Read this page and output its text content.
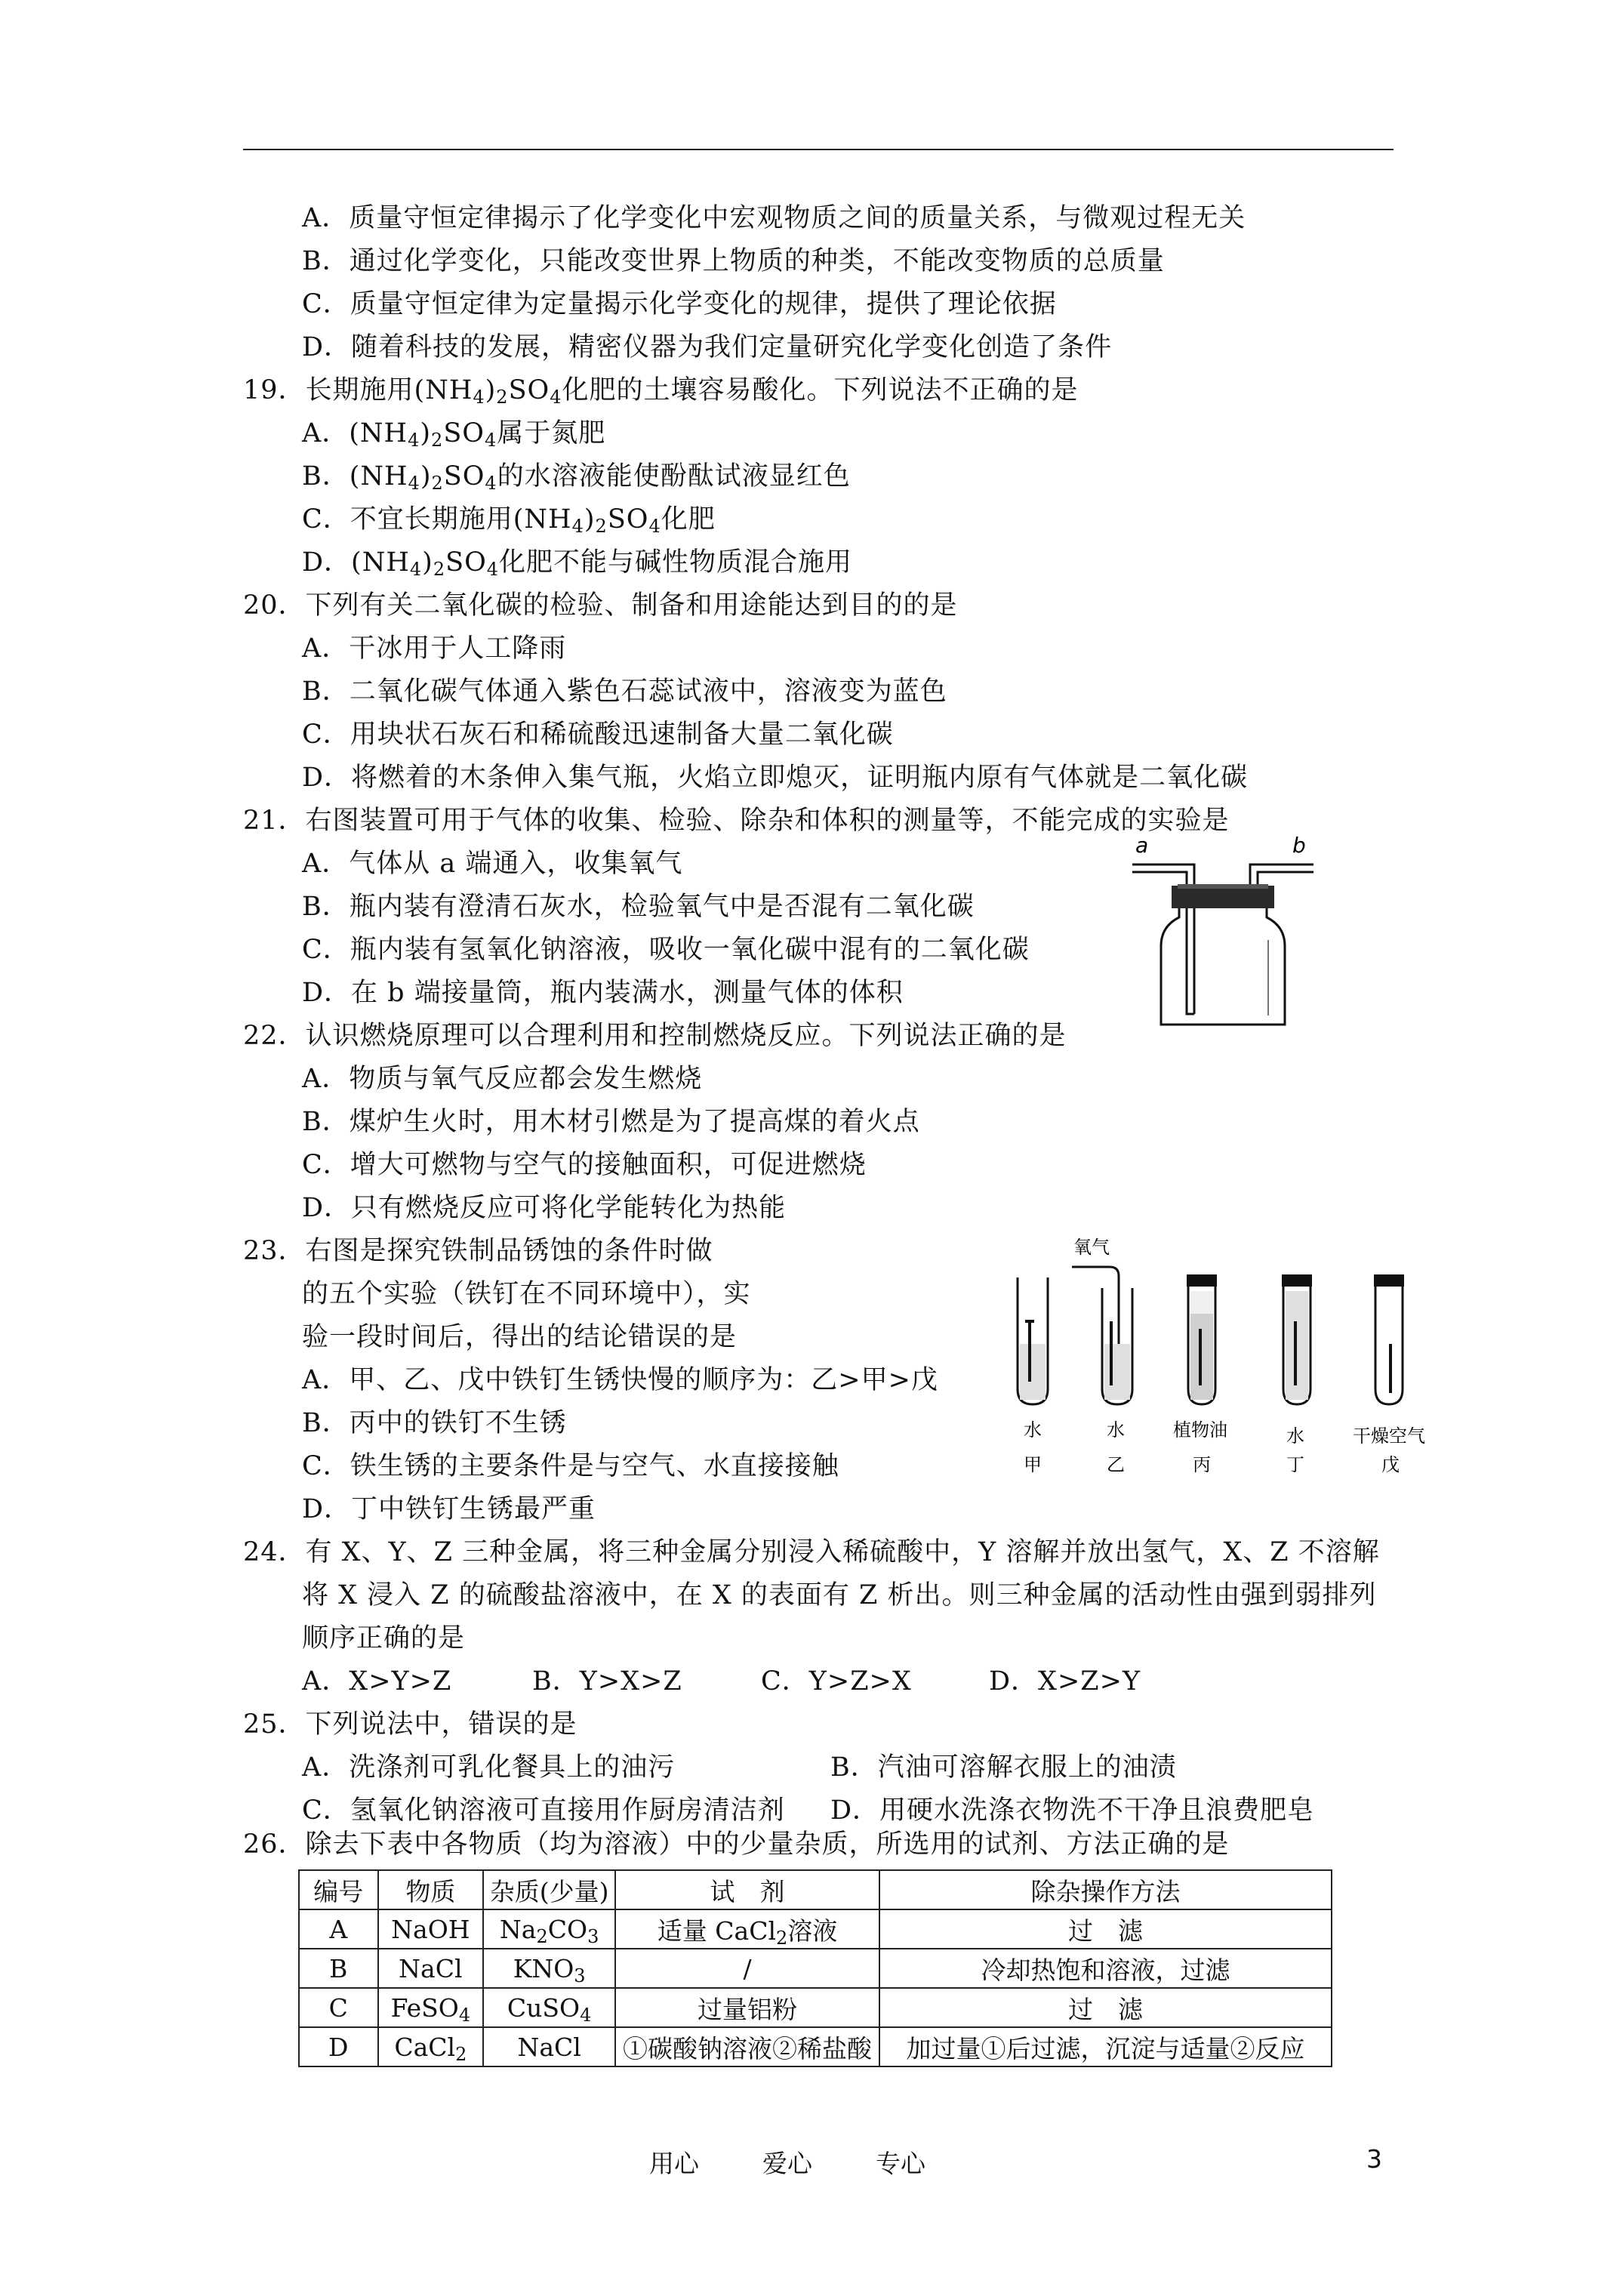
A．质量守恒定律揭示了化学变化中宏观物质之间的质量关系，与微观过程无关
B．通过化学变化，只能改变世界上物质的种类，不能改变物质的总质量
C．质量守恒定律为定量揭示化学变化的规律，提供了理论依据
D．随着科技的发展，精密仪器为我们定量研究化学变化创造了条件
19．长期施用$(NH_4)_2SO_4$化肥的土壤容易酸化。下列说法不正确的是
A．$(NH_4)_2SO_4$属于氮肥
B．$(NH_4)_2SO_4$的水溶液能使酚酞试液显红色
C．不宜长期施用$(NH_4)_2SO_4$化肥
D．$(NH_4)_2SO_4$化肥不能与碱性物质混合施用
20．下列有关二氧化碳的检验、制备和用途能达到目的的是
A．干冰用于人工降雨
B．二氧化碳气体通入紫色石蕊试液中，溶液变为蓝色
C．用块状石灰石和稀硫酸迅速制备大量二氧化碳
D．将燃着的木条伸入集气瓶，火焰立即熄灭，证明瓶内原有气体就是二氧化碳
21．右图装置可用于气体的收集、检验、除杂和体积的测量等，不能完成的实验是
A．气体从 a 端通入，收集氧气
B．瓶内装有澄清石灰水，检验氧气中是否混有二氧化碳
C．瓶内装有氢氧化钠溶液，吸收一氧化碳中混有的二氧化碳
D．在 b 端接量筒，瓶内装满水，测量气体的体积
a	b
22．认识燃烧原理可以合理利用和控制燃烧反应。下列说法正确的是
A．物质与氧气反应都会发生燃烧
B．煤炉生火时，用木材引燃是为了提高煤的着火点
C．增大可燃物与空气的接触面积，可促进燃烧
D．只有燃烧反应可将化学能转化为热能
23．右图是探究铁制品锈蚀的条件时做
的五个实验（铁钉在不同环境中），实
验一段时间后，得出的结论错误的是
A．甲、乙、戊中铁钉生锈快慢的顺序为：乙>甲>戊
B．丙中的铁钉不生锈
C．铁生锈的主要条件是与空气、水直接接触
D．丁中铁钉生锈最严重
氧气
水
甲
水
乙
植物油
丙
水
丁
干燥空气
戊
24．有 X、Y、Z 三种金属，将三种金属分别浸入稀硫酸中，Y 溶解并放出氢气，X、Z 不溶解
将 X 浸入 Z 的硫酸盐溶液中，在 X 的表面有 Z 析出。则三种金属的活动性由强到弱排列
顺序正确的是
A．X>Y>Z	B．Y>X>Z	C．Y>Z>X	D．X>Z>Y
25．下列说法中，错误的是
A．洗涤剂可乳化餐具上的油污	B．汽油可溶解衣服上的油渍
C．氢氧化钠溶液可直接用作厨房清洁剂 D．用硬水洗涤衣物洗不干净且浪费肥皂
26．除去下表中各物质（均为溶液）中的少量杂质，所选用的试剂、方法正确的是
编号	物质	杂质(少量)	试　剂	除杂操作方法
A	NaOH	$Na_2CO_3$	适量 CaCl$_2$溶液	过　滤
B	NaCl	$KNO_3$	/	冷却热饱和溶液，过滤
C	FeSO$_4$	CuSO$_4$	过量铝粉	过　滤
D	CaCl$_2$	NaCl	①碳酸钠溶液②稀盐酸	加过量①后过滤，沉淀与适量②反应
用心	爱心	专心	3
